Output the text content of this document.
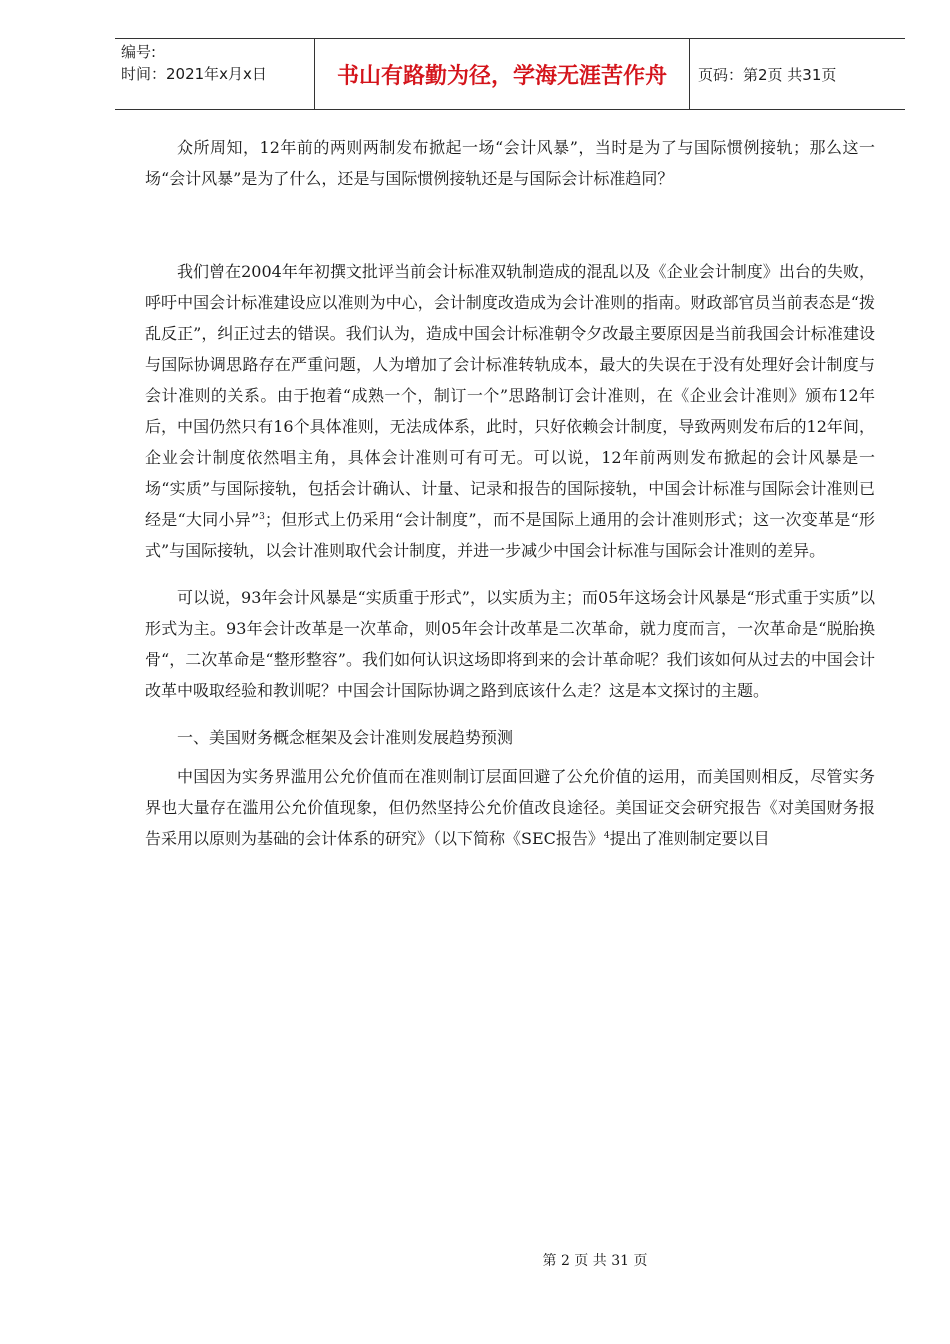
编号:
时间：2021年x月x日	书山有路勤为径，学海无涯苦作舟	页码：第2页 共31页

众所周知，12年前的两则两制发布掀起一场“会计风暴”，当时是为了与国际惯例接轨；那么这一场“会计风暴”是为了什么，还是与国际惯例接轨还是与国际会计标准趋同？

我们曾在2004年年初撰文批评当前会计标准双轨制造成的混乱以及《企业会计制度》出台的失败，呼吁中国会计标准建设应以准则为中心，会计制度改造成为会计准则的指南。财政部官员当前表态是“拨乱反正”，纠正过去的错误。我们认为，造成中国会计标准朝令夕改最主要原因是当前我国会计标准建设与国际协调思路存在严重问题，人为增加了会计标准转轨成本，最大的失误在于没有处理好会计制度与会计准则的关系。由于抱着“成熟一个，制订一个”思路制订会计准则，在《企业会计准则》颁布12年后，中国仍然只有16个具体准则，无法成体系，此时，只好依赖会计制度，导致两则发布后的12年间，企业会计制度依然唱主角，具体会计准则可有可无。可以说，12年前两则发布掀起的会计风暴是一场“实质”与国际接轨，包括会计确认、计量、记录和报告的国际接轨，中国会计标准与国际会计准则已经是“大同小异”$^3$；但形式上仍采用“会计制度”，而不是国际上通用的会计准则形式；这一次变革是“形式”与国际接轨，以会计准则取代会计制度，并进一步减少中国会计标准与国际会计准则的差异。

可以说，93年会计风暴是“实质重于形式”，以实质为主；而05年这场会计风暴是“形式重于实质”以形式为主。93年会计改革是一次革命，则05年会计改革是二次革命，就力度而言，一次革命是“脱胎换骨“，二次革命是“整形整容”。我们如何认识这场即将到来的会计革命呢？我们该如何从过去的中国会计改革中吸取经验和教训呢？中国会计国际协调之路到底该什么走？这是本文探讨的主题。

一、美国财务概念框架及会计准则发展趋势预测

中国因为实务界滥用公允价值而在准则制订层面回避了公允价值的运用，而美国则相反，尽管实务界也大量存在滥用公允价值现象，但仍然坚持公允价值改良途径。美国证交会研究报告《对美国财务报告采用以原则为基础的会计体系的研究》（以下简称《SEC报告》$^4$提出了准则制定要以目

第 2 页 共 31 页
